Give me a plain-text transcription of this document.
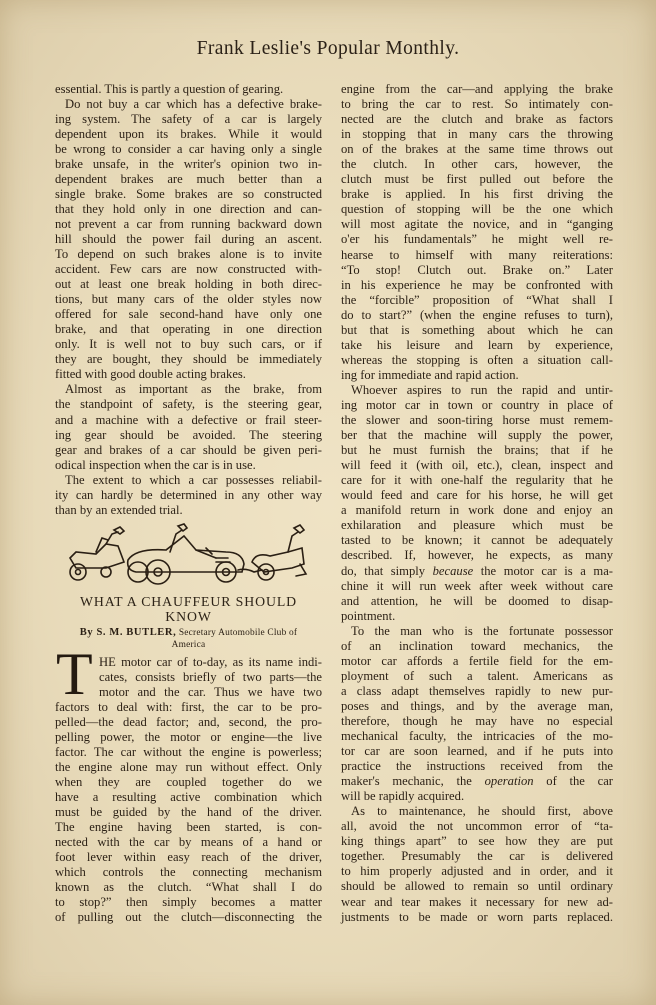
Frank Leslie's Popular Monthly.
essential. This is partly a question of gearing.
Do not buy a car which has a defective brake-
ing system. The safety of a car is largely
dependent upon its brakes. While it would
be wrong to consider a car having only a single
brake unsafe, in the writer's opinion two in-
dependent brakes are much better than a
single brake. Some brakes are so constructed
that they hold only in one direction and can-
not prevent a car from running backward down
hill should the power fail during an ascent.
To depend on such brakes alone is to invite
accident. Few cars are now constructed with-
out at least one break holding in both direc-
tions, but many cars of the older styles now
offered for sale second-hand have only one
brake, and that operating in one direction
only. It is well not to buy such cars, or if
they are bought, they should be immediately
fitted with good double acting brakes.
Almost as important as the brake, from
the standpoint of safety, is the steering gear,
and a machine with a defective or frail steer-
ing gear should be avoided. The steering
gear and brakes of a car should be given peri-
odical inspection when the car is in use.
The extent to which a car possesses reliabil-
ity can hardly be determined in any other way
than by an extended trial.
WHAT A CHAUFFEUR SHOULD
KNOW
By S. M. BUTLER, Secretary Automobile Club of
America
T HE motor car of to-day, as its name indi-
cates, consists briefly of two parts—the
motor and the car. Thus we have two
factors to deal with: first, the car to be pro-
pelled—the dead factor; and, second, the pro-
pelling power, the motor or engine—the live
factor. The car without the engine is powerless;
the engine alone may run without effect. Only
when they are coupled together do we
have a resulting active combination which
must be guided by the hand of the driver.
The engine having been started, is con-
nected with the car by means of a hand or
foot lever within easy reach of the driver,
which controls the connecting mechanism
known as the clutch. “What shall I do
to stop?” then simply becomes a matter
of pulling out the clutch—disconnecting the
engine from the car—and applying the brake
to bring the car to rest. So intimately con-
nected are the clutch and brake as factors
in stopping that in many cars the throwing
on of the brakes at the same time throws out
the clutch. In other cars, however, the
clutch must be first pulled out before the
brake is applied. In his first driving the
question of stopping will be the one which
will most agitate the novice, and in “ganging
o'er his fundamentals” he might well re-
hearse to himself with many reiterations:
“To stop! Clutch out. Brake on.” Later
in his experience he may be confronted with
the “forcible” proposition of “What shall I
do to start?” (when the engine refuses to turn),
but that is something about which he can
take his leisure and learn by experience,
whereas the stopping is often a situation call-
ing for immediate and rapid action.
Whoever aspires to run the rapid and untir-
ing motor car in town or country in place of
the slower and soon-tiring horse must remem-
ber that the machine will supply the power,
but he must furnish the brains; that if he
will feed it (with oil, etc.), clean, inspect and
care for it with one-half the regularity that he
would feed and care for his horse, he will get
a manifold return in work done and enjoy an
exhilaration and pleasure which must be
tasted to be known; it cannot be adequately
described. If, however, he expects, as many
do, that simply because the motor car is a ma-
chine it will run week after week without care
and attention, he will be doomed to disap-
pointment.
To the man who is the fortunate possessor
of an inclination toward mechanics, the
motor car affords a fertile field for the em-
ployment of such a talent. Americans as
a class adapt themselves rapidly to new pur-
poses and things, and by the average man,
therefore, though he may have no especial
mechanical faculty, the intricacies of the mo-
tor car are soon learned, and if he puts into
practice the instructions received from the
maker's mechanic, the operation of the car
will be rapidly acquired.
As to maintenance, he should first, above
all, avoid the not uncommon error of “ta-
king things apart” to see how they are put
together. Presumably the car is delivered
to him properly adjusted and in order, and it
should be allowed to remain so until ordinary
wear and tear makes it necessary for new ad-
justments to be made or worn parts replaced.
